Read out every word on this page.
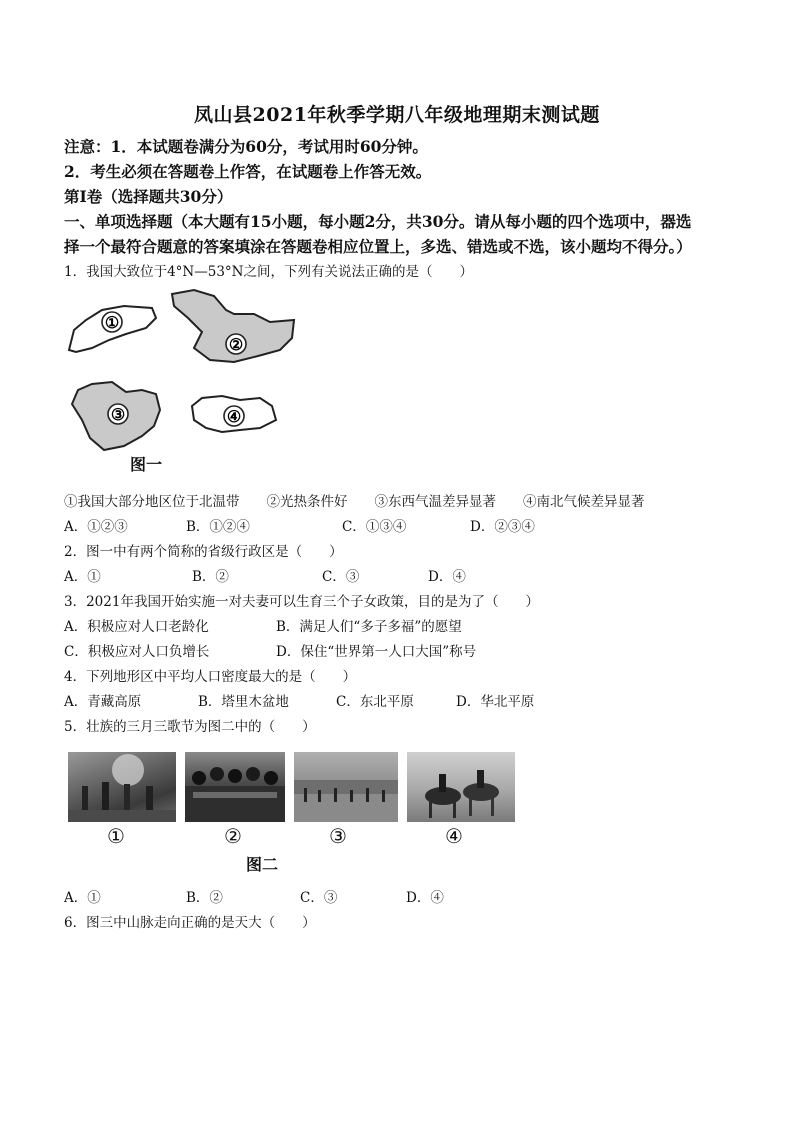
凤山县2021年秋季学期八年级地理期末测试题
注意：1．本试题卷满分为60分，考试用时60分钟。
2．考生必须在答题卷上作答，在试题卷上作答无效。
第Ⅰ卷（选择题共30分）
一、单项选择题（本大题有15小题，每小题2分，共30分。请从每小题的四个选项中，器选
择一个最符合题意的答案填涂在答题卷相应位置上，多选、错选或不选，该小题均不得分。）
1．我国大致位于4°N—53°N之间，下列有关说法正确的是（　　）
①
②
③	④
图一
①我国大部分地区位于北温带　　②光热条件好　　③东西气温差异显著　　④南北气候差异显著
A．①②③	B．①②④	C．①③④	D．②③④
2．图一中有两个简称的省级行政区是（　　）
A．①	B．②	C．③	D．④
3．2021年我国开始实施一对夫妻可以生育三个子女政策，目的是为了（　　）
A．积极应对人口老龄化	B．满足人们“多子多福”的愿望
C．积极应对人口负增长	D．保住“世界第一人口大国”称号
4．下列地形区中平均人口密度最大的是（　　）
A．青藏高原	B．塔里木盆地	C．东北平原	D．华北平原
5．壮族的三月三歌节为图二中的（　　）
①	②	③	④
图二
A．①	B．②	C．③	D．④
6．图三中山脉走向正确的是天大（　　）
